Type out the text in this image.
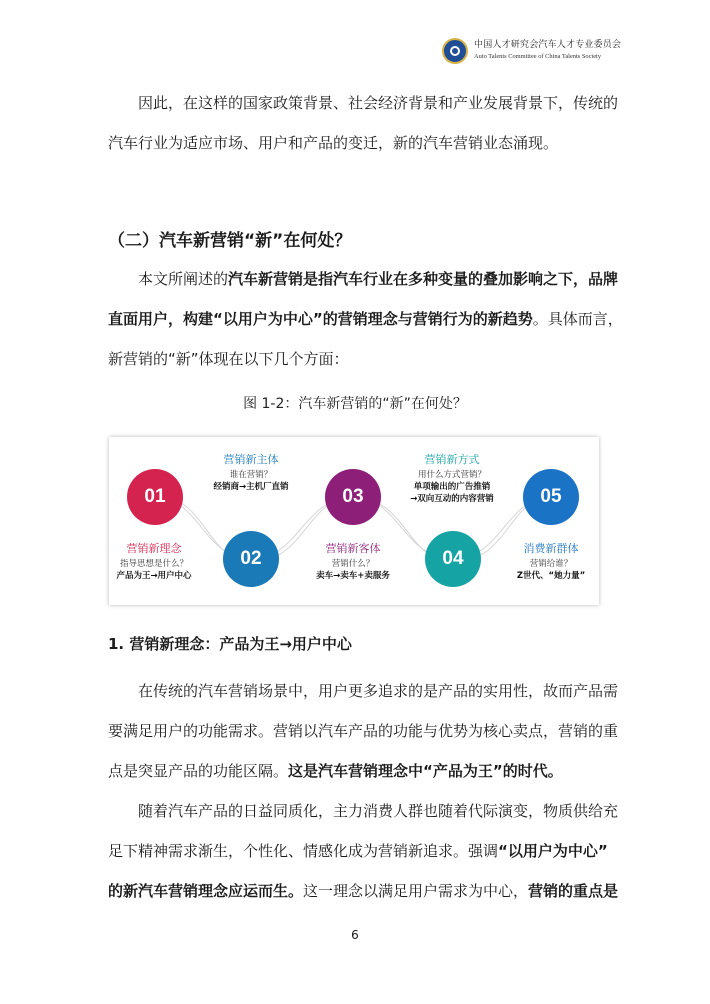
中国人才研究会汽车人才专业委员会
Auto Talents Committee of China Talents Society

因此，在这样的国家政策背景、社会经济背景和产业发展背景下，传统的
汽车行业为适应市场、用户和产品的变迁，新的汽车营销业态涌现。

（二）汽车新营销“新”在何处？

本文所阐述的汽车新营销是指汽车行业在多种变量的叠加影响之下，品牌
直面用户，构建“以用户为中心”的营销理念与营销行为的新趋势。具体而言，
新营销的“新”体现在以下几个方面：

图 1-2：汽车新营销的“新”在何处？

01
02
03
04
05
营销新理念
指导思想是什么？
产品为王→用户中心
营销新主体
谁在营销？
经销商→主机厂直销
营销新客体
营销什么？
卖车→卖车+卖服务
营销新方式
用什么方式营销？
单项输出的广告推销
→双向互动的内容营销
消费新群体
营销给谁？
Z世代、“她力量”
1. 营销新理念：产品为王→用户中心

在传统的汽车营销场景中，用户更多追求的是产品的实用性，故而产品需
要满足用户的功能需求。营销以汽车产品的功能与优势为核心卖点，营销的重
点是突显产品的功能区隔。这是汽车营销理念中“产品为王”的时代。

随着汽车产品的日益同质化，主力消费人群也随着代际演变，物质供给充
足下精神需求渐生，个性化、情感化成为营销新追求。强调“以用户为中心”
的新汽车营销理念应运而生。这一理念以满足用户需求为中心，营销的重点是

6
